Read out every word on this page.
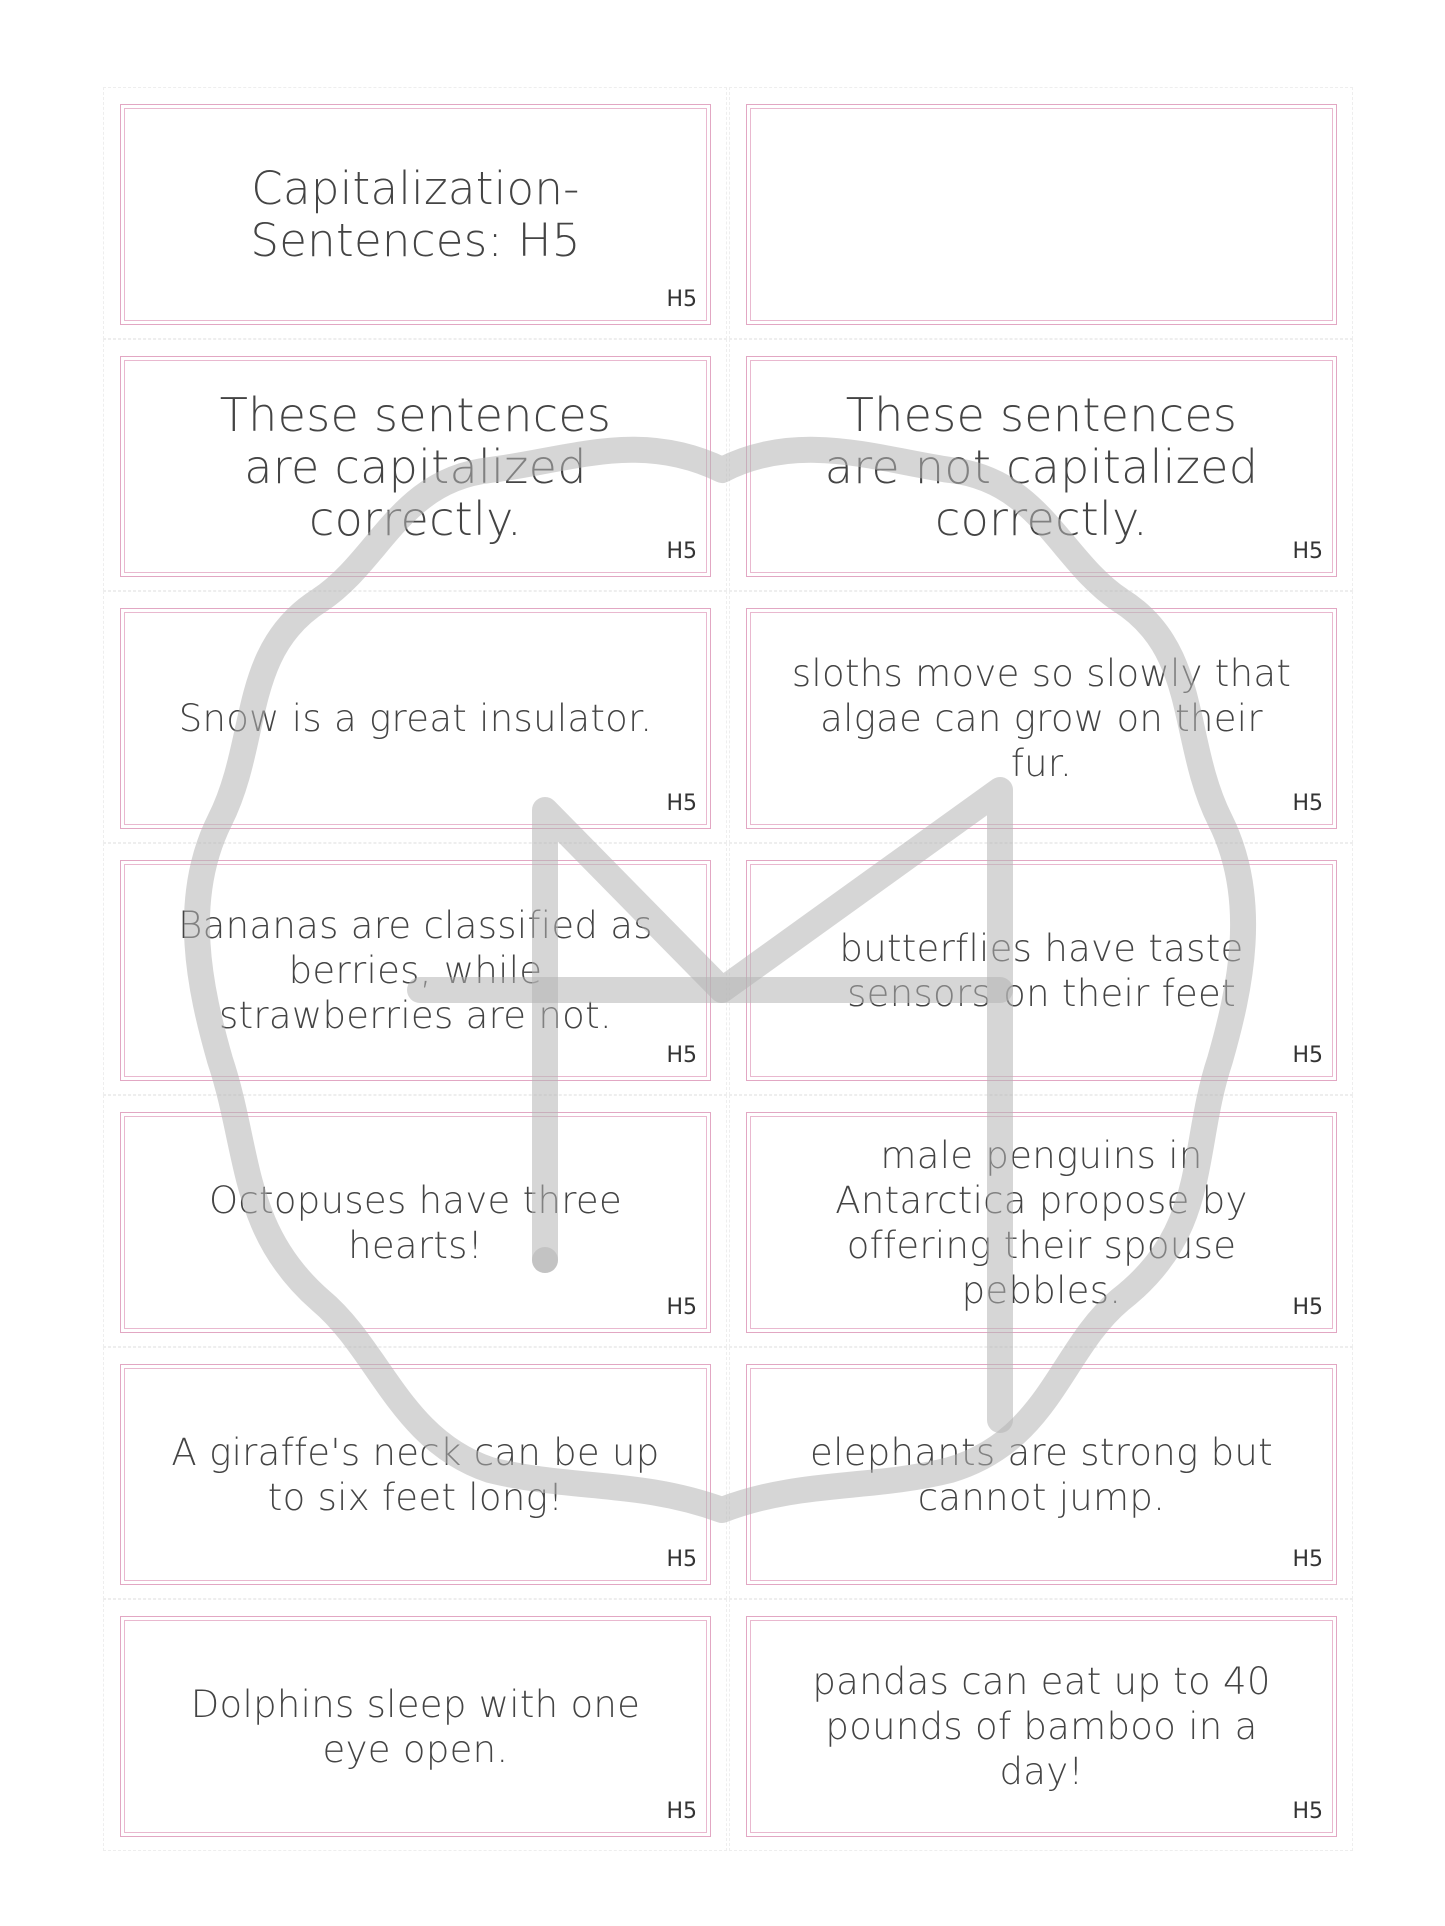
Capitalization-Sentences: H5
H5
These sentences are capitalized correctly.
H5
These sentences are not capitalized correctly.
H5
Snow is a great insulator.
H5
sloths move so slowly that algae can grow on their fur.
H5
Bananas are classified as berries, while strawberries are not.
H5
butterflies have taste sensors on their feet
H5
Octopuses have three hearts!
H5
male penguins in Antarctica propose by offering their spouse pebbles.	H5
A giraffe's neck can be up to six feet long!
H5
elephants are strong but cannot jump.
H5
Dolphins sleep with one eye open.
H5
pandas can eat up to 40 pounds of bamboo in a day!
H5
